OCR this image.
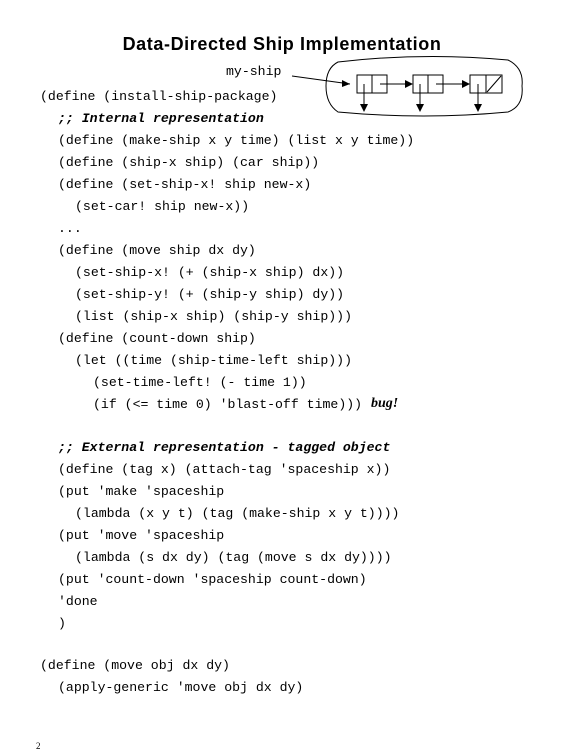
Data-Directed Ship Implementation

my-ship

(define (install-ship-package)

;; Internal representation

(define (make-ship x y time) (list x y time))

(define (ship-x ship) (car ship))

(define (set-ship-x! ship new-x)

(set-car! ship new-x))

...

(define (move ship dx dy)

(set-ship-x! (+ (ship-x ship) dx))

(set-ship-y! (+ (ship-y ship) dy))

(list (ship-x ship) (ship-y ship)))

(define (count-down ship)

(let ((time (ship-time-left ship)))

(set-time-left! (- time 1))

(if (<= time 0) 'blast-off time)))

bug!

;; External representation - tagged object

(define (tag x) (attach-tag 'spaceship x))

(put 'make 'spaceship

(lambda (x y t) (tag (make-ship x y t))))

(put 'move 'spaceship

(lambda (s dx dy) (tag (move s dx dy))))

(put 'count-down 'spaceship count-down)

'done

)

(define (move obj dx dy)

(apply-generic 'move obj dx dy)

2
